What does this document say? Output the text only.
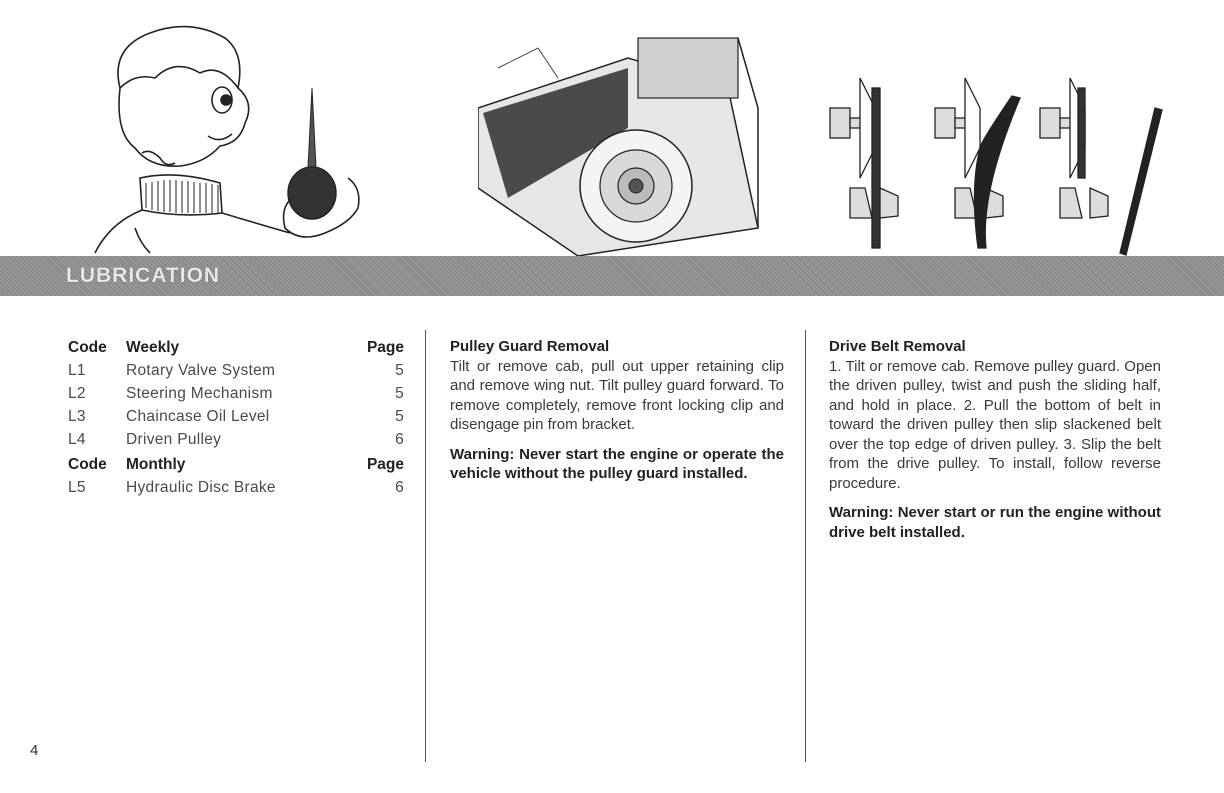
LUBRICATION
Code Weekly	Page
L1	Rotary Valve System	5
L2	Steering Mechanism	5
L3	Chaincase Oil Level	5
L4	Driven Pulley	6
Code Monthly	Page
L5	Hydraulic Disc Brake	6
Pulley Guard Removal

Tilt or remove cab, pull out upper retaining clip and remove wing nut. Tilt pulley guard forward. To remove completely, remove front locking clip and disengage pin from bracket.

Warning: Never start the engine or operate the vehicle without the pulley guard installed.

Drive Belt Removal

1. Tilt or remove cab. Remove pulley guard. Open the driven pulley, twist and push the sliding half, and hold in place. 2. Pull the bottom of belt in toward the driven pulley then slip slackened belt over the top edge of driven pulley. 3. Slip the belt from the drive pulley. To install, follow reverse procedure.

Warning: Never start or run the engine without drive belt installed.

4
